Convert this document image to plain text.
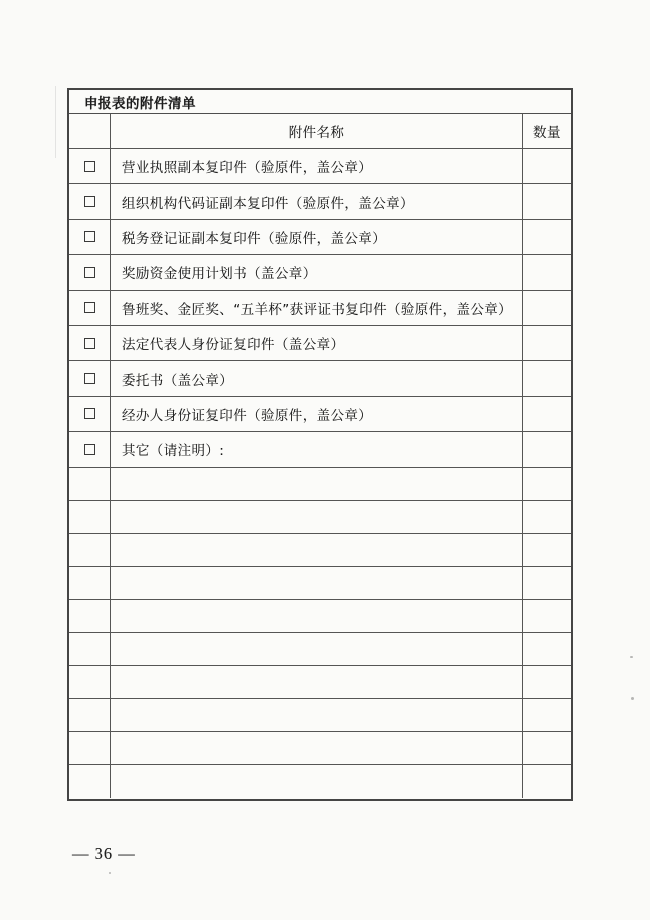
申报表的附件清单
附件名称	数量
营业执照副本复印件（验原件，盖公章）
组织机构代码证副本复印件（验原件，盖公章）
税务登记证副本复印件（验原件，盖公章）
奖励资金使用计划书（盖公章）
鲁班奖、金匠奖、“五羊杯”获评证书复印件（验原件，盖公章）
法定代表人身份证复印件（盖公章）
委托书（盖公章）
经办人身份证复印件（验原件，盖公章）
其它（请注明）:
— 36 —
